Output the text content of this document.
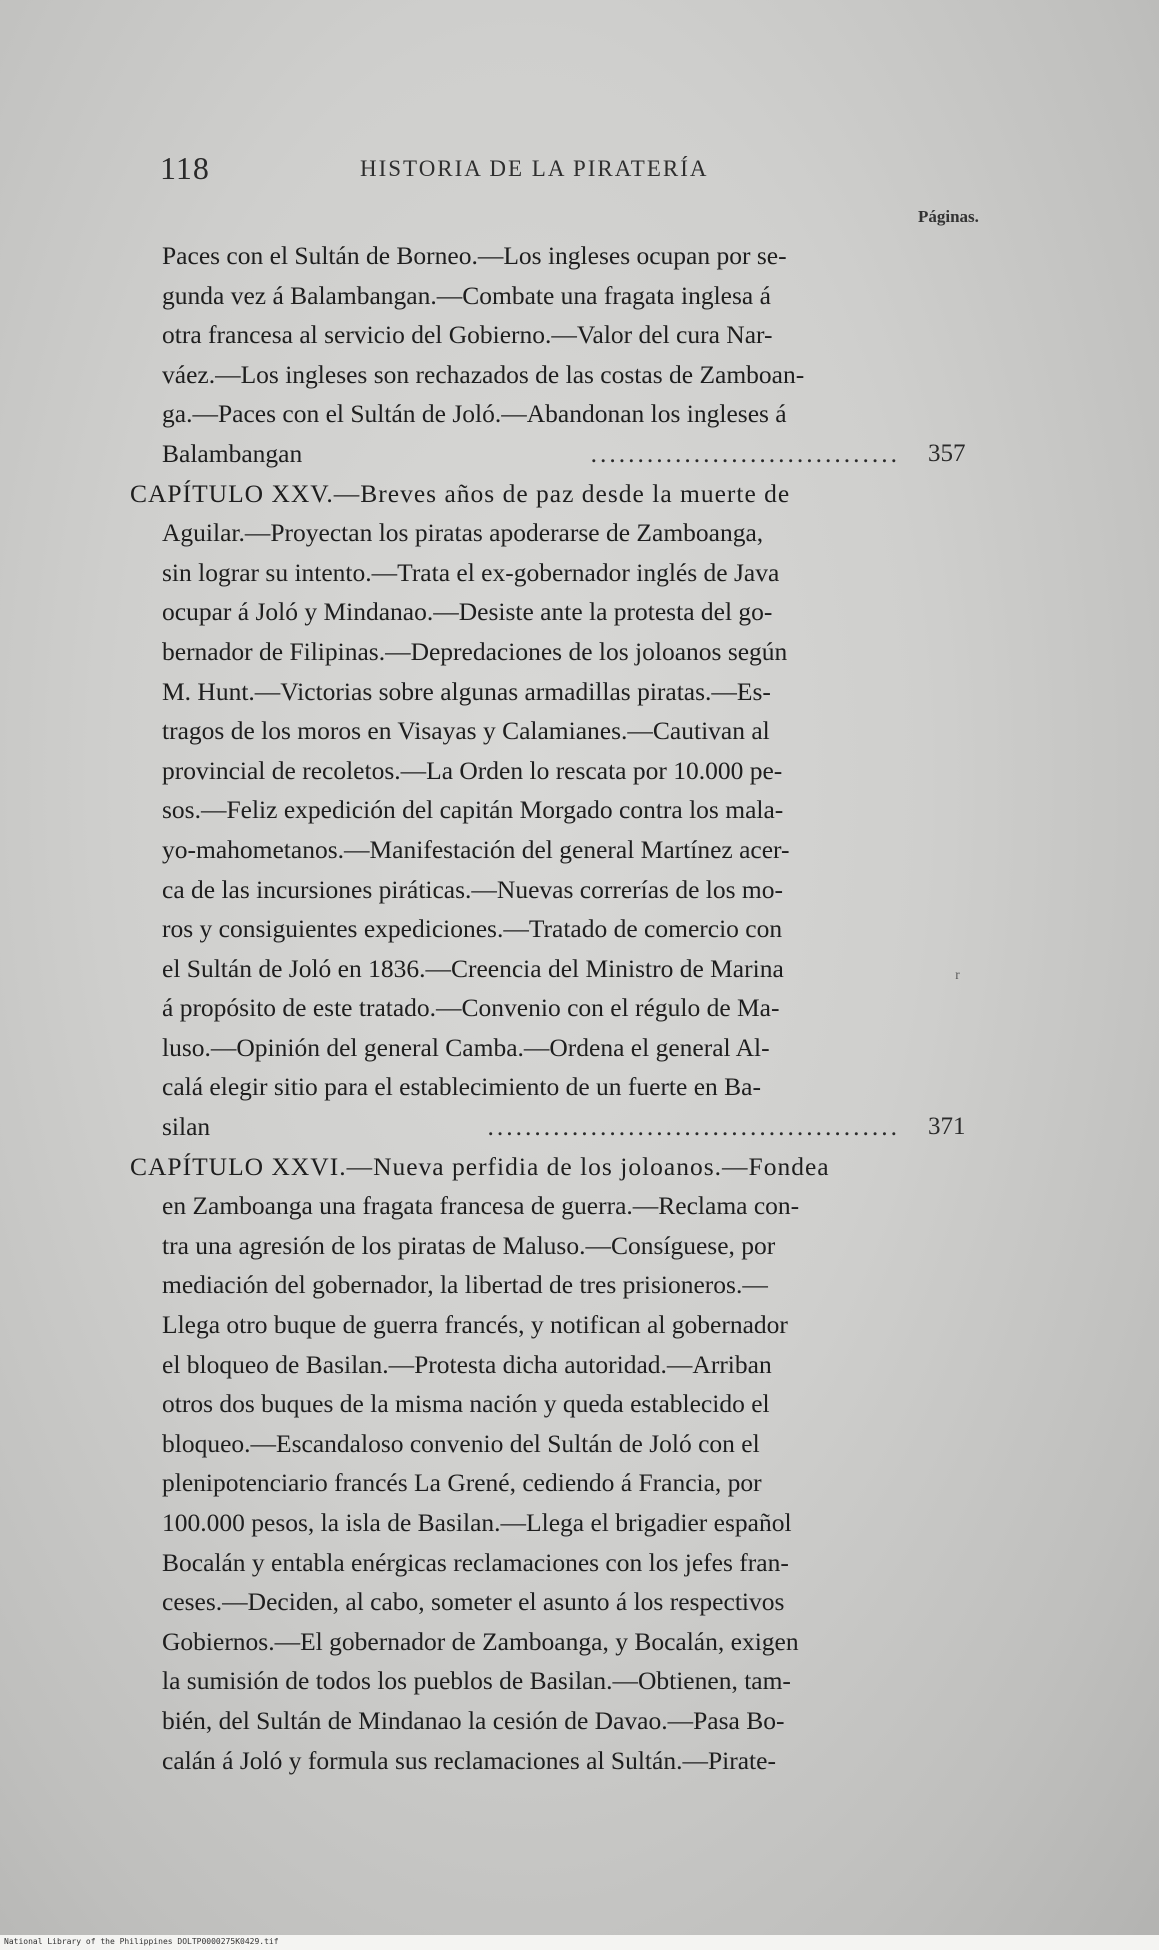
118	HISTORIA DE LA PIRATERÍA
Páginas.
Paces con el Sultán de Borneo.—Los ingleses ocupan por se-
gunda vez á Balambangan.—Combate una fragata inglesa á
otra francesa al servicio del Gobierno.—Valor del cura Nar-
váez.—Los ingleses son rechazados de las costas de Zamboan-
ga.—Paces con el Sultán de Joló.—Abandonan los ingleses á
Balambangan	................................. 357
CAPÍTULO XXV.—Breves años de paz desde la muerte de
Aguilar.—Proyectan los piratas apoderarse de Zamboanga,
sin lograr su intento.—Trata el ex-gobernador inglés de Java
ocupar á Joló y Mindanao.—Desiste ante la protesta del go-
bernador de Filipinas.—Depredaciones de los joloanos según
M. Hunt.—Victorias sobre algunas armadillas piratas.—Es-
tragos de los moros en Visayas y Calamianes.—Cautivan al
provincial de recoletos.—La Orden lo rescata por 10.000 pe-
sos.—Feliz expedición del capitán Morgado contra los mala-
yo-mahometanos.—Manifestación del general Martínez acer-
ca de las incursiones piráticas.—Nuevas correrías de los mo-
ros y consiguientes expediciones.—Tratado de comercio con
el Sultán de Joló en 1836.—Creencia del Ministro de Marina
á propósito de este tratado.—Convenio con el régulo de Ma-
luso.—Opinión del general Camba.—Ordena el general Al-
calá elegir sitio para el establecimiento de un fuerte en Ba-
silan	............................................ 371
CAPÍTULO XXVI.—Nueva perfidia de los joloanos.—Fondea
en Zamboanga una fragata francesa de guerra.—Reclama con-
tra una agresión de los piratas de Maluso.—Consíguese, por
mediación del gobernador, la libertad de tres prisioneros.—
Llega otro buque de guerra francés, y notifican al gobernador
el bloqueo de Basilan.—Protesta dicha autoridad.—Arriban
otros dos buques de la misma nación y queda establecido el
bloqueo.—Escandaloso convenio del Sultán de Joló con el
plenipotenciario francés La Grené, cediendo á Francia, por
100.000 pesos, la isla de Basilan.—Llega el brigadier español
Bocalán y entabla enérgicas reclamaciones con los jefes fran-
ceses.—Deciden, al cabo, someter el asunto á los respectivos
Gobiernos.—El gobernador de Zamboanga, y Bocalán, exigen
la sumisión de todos los pueblos de Basilan.—Obtienen, tam-
bién, del Sultán de Mindanao la cesión de Davao.—Pasa Bo-
calán á Joló y formula sus reclamaciones al Sultán.—Pirate-
ʳ
National Library of the Philippines DOLTP0000275K0429.tif
